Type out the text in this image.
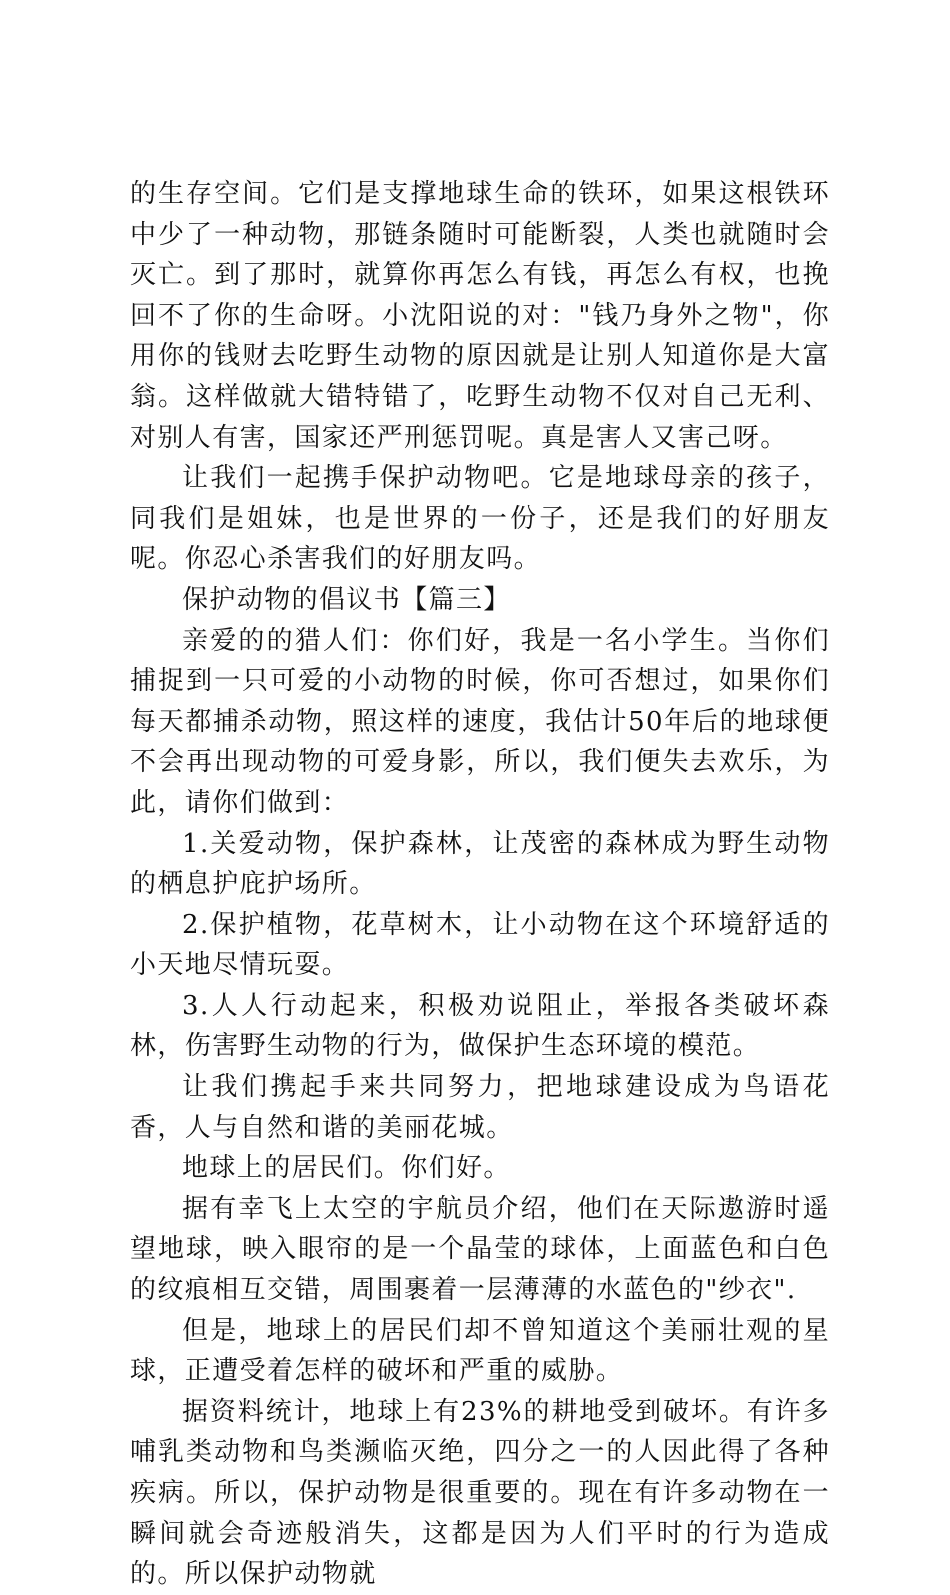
的生存空间。它们是支撑地球生命的铁环，如果这根铁环中少了一种动物，那链条随时可能断裂，人类也就随时会灭亡。到了那时，就算你再怎么有钱，再怎么有权，也挽回不了你的生命呀。小沈阳说的对："钱乃身外之物"，你用你的钱财去吃野生动物的原因就是让别人知道你是大富翁。这样做就大错特错了，吃野生动物不仅对自己无利、对别人有害，国家还严刑惩罚呢。真是害人又害己呀。

让我们一起携手保护动物吧。它是地球母亲的孩子，同我们是姐妹，也是世界的一份子，还是我们的好朋友呢。你忍心杀害我们的好朋友吗。

保护动物的倡议书【篇三】

亲爱的的猎人们：你们好，我是一名小学生。当你们捕捉到一只可爱的小动物的时候，你可否想过，如果你们每天都捕杀动物，照这样的速度，我估计50年后的地球便不会再出现动物的可爱身影，所以，我们便失去欢乐，为此，请你们做到：

1.关爱动物，保护森林，让茂密的森林成为野生动物的栖息护庇护场所。

2.保护植物，花草树木，让小动物在这个环境舒适的小天地尽情玩耍。

3.人人行动起来，积极劝说阻止，举报各类破坏森林，伤害野生动物的行为，做保护生态环境的模范。

让我们携起手来共同努力，把地球建设成为鸟语花香，人与自然和谐的美丽花城。

地球上的居民们。你们好。

据有幸飞上太空的宇航员介绍，他们在天际遨游时遥望地球，映入眼帘的是一个晶莹的球体，上面蓝色和白色的纹痕相互交错，周围裹着一层薄薄的水蓝色的"纱衣".

但是，地球上的居民们却不曾知道这个美丽壮观的星球，正遭受着怎样的破坏和严重的威胁。

据资料统计，地球上有23%的耕地受到破坏。有许多哺乳类动物和鸟类濒临灭绝，四分之一的人因此得了各种疾病。所以，保护动物是很重要的。现在有许多动物在一瞬间就会奇迹般消失，这都是因为人们平时的行为造成的。所以保护动物就
